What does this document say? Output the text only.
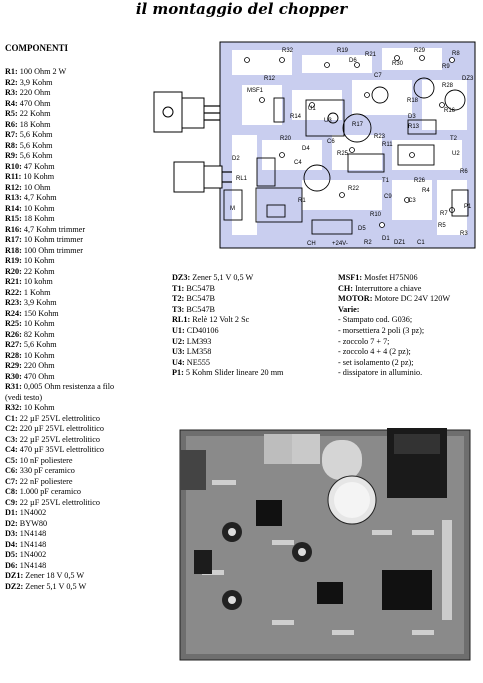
il montaggio del chopper
COMPONENTI
R1: 100 Ohm 2 W
R2: 3,9 Kohm
R3: 220 Ohm
R4: 470 Ohm
R5: 22 Kohm
R6: 18 Kohm
R7: 5,6 Kohm
R8: 5,6 Kohm
R9: 5,6 Kohm
R10: 47 Kohm
R11: 10 Kohm
R12: 10 Ohm
R13: 4,7 Kohm
R14: 10 Kohm
R15: 18 Kohm
R16: 4,7 Kohm trimmer
R17: 10 Kohm trimmer
R18: 100 Ohm trimmer
R19: 10 Kohm
R20: 22 Kohm
R21: 10 kohm
R22: 1 Kohm
R23: 3,9 Kohm
R24: 150 Kohm
R25: 10 Kohm
R26: 82 Kohm
R27: 5,6 Kohm
R28: 10 Kohm
R29: 220 Ohm
R30: 470 Ohm
R31: 0,005 Ohm resistenza a filo
(vedi testo)
R32: 10 Kohm
C1: 22 µF 25VL elettrolitico
C2: 220 µF 25VL elettrolitico
C3: 22 µF 25VL elettrolitico
C4: 470 µF 35VL elettrolitico
C5: 10 nF poliestere
C6: 330 pF ceramico
C7: 22 nF poliestere
C8: 1.000 pF ceramico
C9: 22 µF 25VL elettrolitico
D1: 1N4002
D2: BYW80
D3: 1N4148
D4: 1N4148
D5: 1N4002
D6: 1N4148
DZ1: Zener 18 V 0,5 W
DZ2: Zener 5,1 V 0,5 W
DZ3: Zener 5,1 V 0,5 W
T1: BC547B
T2: BC547B
T3: BC547B
RL1: Relè 12 Volt 2 Sc
U1: CD40106
U2: LM393
U3: LM358
U4: NE555
P1: 5 Kohm Slider lineare 20 mm
MSF1: Mosfet H75N06
CH: Interruttore a chiave
MOTOR: Motore DC 24V 120W
Varie:
- Stampato cod. G036;
- morsettiera 2 poli (3 pz);
- zoccolo 7 + 7;
- zoccolo 4 + 4 (2 pz);
- set isolamento (2 pz);
- dissipatore in alluminio.
MSF1
D2
RL1
M
CH	+24V-
P1
R32	R19
R21
R29	R8
R12
D6	R30	R9
C7
R28
R18
R16
DZ3
U1
U3
R14
R20	C6
R17
D3
R13
R23
R11
D4
U2
R25
R26
C4
T1
R6
R4
R1	C3
R7
R5
D5
D1
DZ1 C1
R2
R10
R22
C9
T2
R3
